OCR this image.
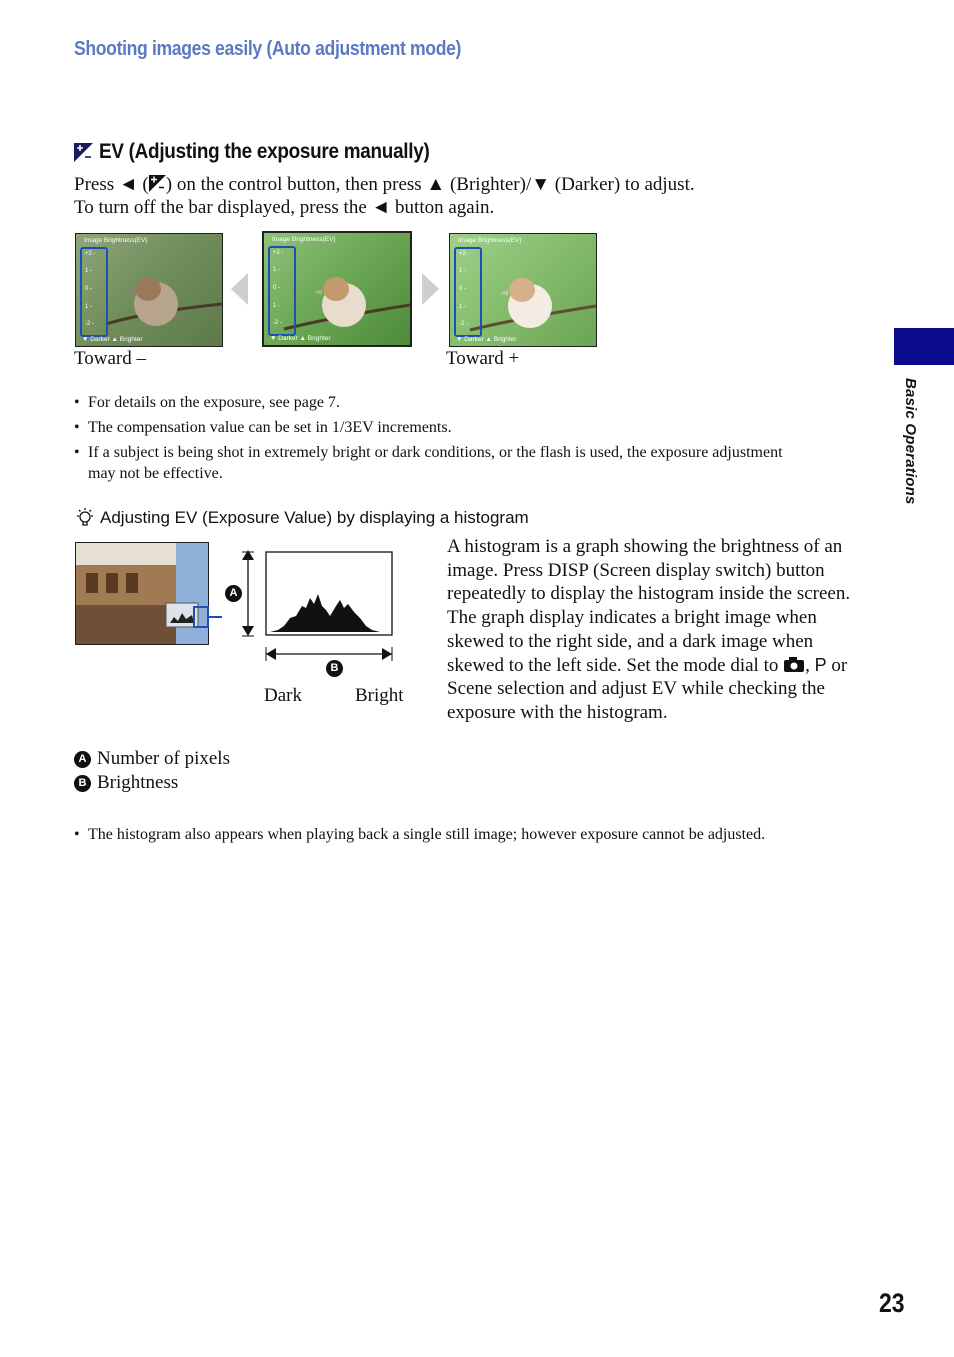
Shooting images easily (Auto adjustment mode)
EV (Adjusting the exposure manually)
Press ◄ ( ) on the control button, then press ▲ (Brighter)/▼ (Darker) to adjust.
To turn off the bar displayed, press the ◄ button again.
Image Brightness(EV)
+2 -
1 -
0 -
1 -
-2 -
▼ Darker ▲ Brighter
Image Brightness(EV)
+2 -
1 -
0 -
1 -
-2 -
▼ Darker ▲ Brighter
Image Brightness(EV)
+2 -
1 -
0 -
1 -
-2 -
▼ Darker ▲ Brighter
Toward –	Toward +
• For details on the exposure, see page 7.
• The compensation value can be set in 1/3EV increments.
• If a subject is being shot in extremely bright or dark conditions, or the flash is used, the exposure adjustment may not be effective.
Adjusting EV (Exposure Value) by displaying a histogram
A
B
Dark	Bright
A histogram is a graph showing the brightness of an image. Press DISP (Screen display switch) button repeatedly to display the histogram inside the screen. The graph display indicates a bright image when skewed to the right side, and a dark image when skewed to the left side. Set the mode dial to , P or Scene selection and adjust EV while checking the exposure with the histogram.
A Number of pixels
B Brightness
• The histogram also appears when playing back a single still image; however exposure cannot be adjusted.
Basic Operations
23
